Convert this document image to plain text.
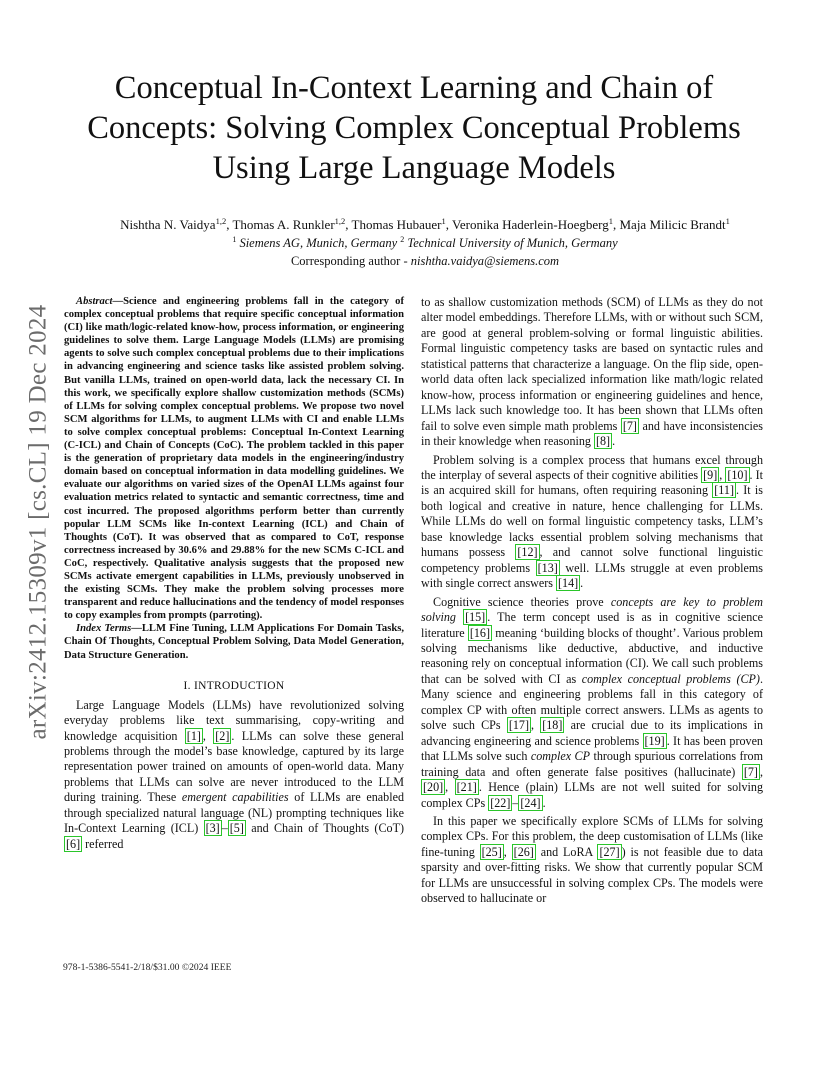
arXiv:2412.15309v1 [cs.CL] 19 Dec 2024
Conceptual In-Context Learning and Chain of
Concepts: Solving Complex Conceptual Problems
Using Large Language Models
Nishtha N. Vaidya$^{1,2}$, Thomas A. Runkler$^{1,2}$, Thomas Hubauer$^1$, Veronika Haderlein-Hoegberg$^1$, Maja Milicic Brandt$^1$
$^1$ Siemens AG, Munich, Germany $^2$ Technical University of Munich, Germany
Corresponding author - nishtha.vaidya@siemens.com

Abstract—Science and engineering problems fall in the category of complex conceptual problems that require specific conceptual information (CI) like math/logic-related know-how, process information, or engineering guidelines to solve them. Large Language Models (LLMs) are promising agents to solve such complex conceptual problems due to their implications in advancing engineering and science tasks like assisted problem solving. But vanilla LLMs, trained on open-world data, lack the necessary CI. In this work, we specifically explore shallow customization methods (SCMs) of LLMs for solving complex conceptual problems. We propose two novel SCM algorithms for LLMs, to augment LLMs with CI and enable LLMs to solve complex conceptual problems: Conceptual In-Context Learning (C-ICL) and Chain of Concepts (CoC). The problem tackled in this paper is the generation of proprietary data models in the engineering/industry domain based on conceptual information in data modelling guidelines. We evaluate our algorithms on varied sizes of the OpenAI LLMs against four evaluation metrics related to syntactic and semantic correctness, time and cost incurred. The proposed algorithms perform better than currently popular LLM SCMs like In-context Learning (ICL) and Chain of Thoughts (CoT). It was observed that as compared to CoT, response correctness increased by 30.6% and 29.88% for the new SCMs C-ICL and CoC, respectively. Qualitative analysis suggests that the proposed new SCMs activate emergent capabilities in LLMs, previously unobserved in the existing SCMs. They make the problem solving processes more transparent and reduce hallucinations and the tendency of model responses to copy examples from prompts (parroting).

Index Terms—LLM Fine Tuning, LLM Applications For Domain Tasks, Chain Of Thoughts, Conceptual Problem Solving, Data Model Generation, Data Structure Generation.

I. INTRODUCTION

Large Language Models (LLMs) have revolutionized solving everyday problems like text summarising, copy-writing and knowledge acquisition [1] , [2] . LLMs can solve these general problems through the model’s base knowledge, captured by its large representation power trained on amounts of open-world data. Many problems that LLMs can solve are never introduced to the LLM during training. These emergent capabilities of LLMs are enabled through specialized natural language (NL) prompting techniques like In-Context Learning (ICL) [3] – [5] and Chain of Thoughts (CoT) [6] referred

to as shallow customization methods (SCM) of LLMs as they do not alter model embeddings. Therefore LLMs, with or without such SCM, are good at general problem-solving or formal linguistic abilities. Formal linguistic competency tasks are based on syntactic rules and statistical patterns that characterize a language. On the flip side, open-world data often lack specialized information like math/logic related know-how, process information or engineering guidelines and hence, LLMs lack such knowledge too. It has been shown that LLMs often fail to solve even simple math problems [7] and have inconsistencies in their knowledge when reasoning [8] .

Problem solving is a complex process that humans excel through the interplay of several aspects of their cognitive abilities [9] , [10] . It is an acquired skill for humans, often requiring reasoning [11] . It is both logical and creative in nature, hence challenging for LLMs. While LLMs do well on formal linguistic competency tasks, LLM’s base knowledge lacks essential problem solving mechanisms that humans possess [12] , and cannot solve functional linguistic competency problems [13] well. LLMs struggle at even problems with single correct answers [14] .

Cognitive science theories prove concepts are key to problem solving [15] . The term concept used is as in cognitive science literature [16] meaning ‘building blocks of thought’. Various problem solving mechanisms like deductive, abductive, and inductive reasoning rely on conceptual information (CI). We call such problems that can be solved with CI as complex conceptual problems (CP). Many science and engineering problems fall in this category of complex CP with often multiple correct answers. LLMs as agents to solve such CPs [17] , [18] are crucial due to its implications in advancing engineering and science problems [19] . It has been proven that LLMs solve such complex CP through spurious correlations from training data and often generate false positives (hallucinate) [7] , [20] , [21] . Hence (plain) LLMs are not well suited for solving complex CPs [22] – [24] .

In this paper we specifically explore SCMs of LLMs for solving complex CPs. For this problem, the deep customisation of LLMs (like fine-tuning [25] , [26] and LoRA [27] ) is not feasible due to data sparsity and over-fitting risks. We show that currently popular SCM for LLMs are unsuccessful in solving complex CPs. The models were observed to hallucinate or

978-1-5386-5541-2/18/$31.00 ©2024 IEEE
